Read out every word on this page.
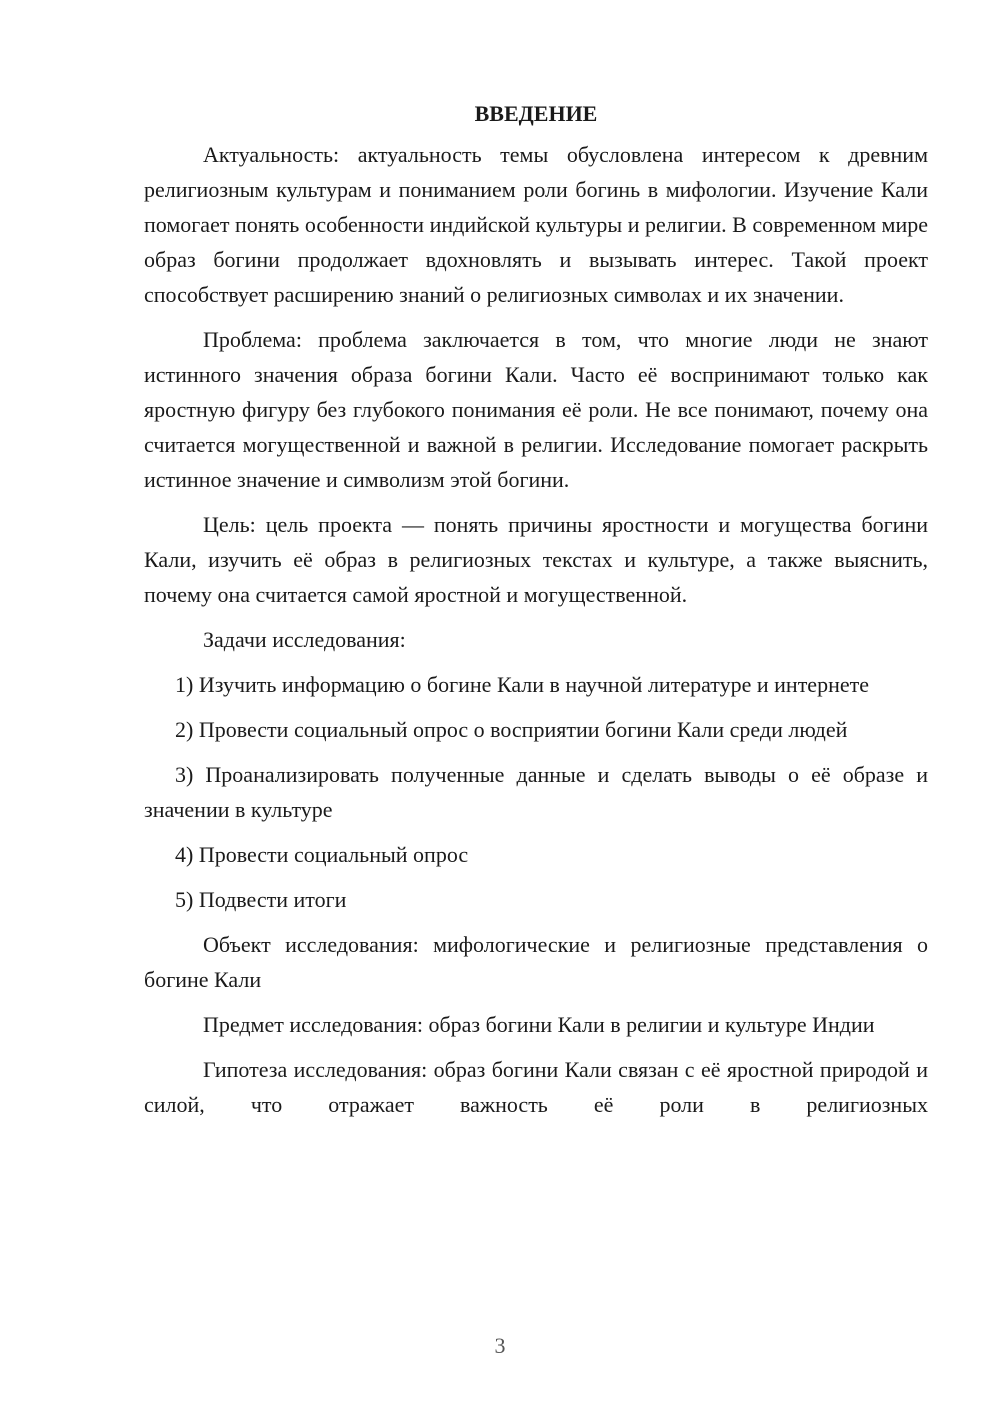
ВВЕДЕНИЕ

Актуальность: актуальность темы обусловлена интересом к древним религиозным культурам и пониманием роли богинь в мифологии. Изучение Кали помогает понять особенности индийской культуры и религии. В современном мире образ богини продолжает вдохновлять и вызывать интерес. Такой проект способствует расширению знаний о религиозных символах и их значении.

Проблема: проблема заключается в том, что многие люди не знают истинного значения образа богини Кали. Часто её воспринимают только как яростную фигуру без глубокого понимания её роли. Не все понимают, почему она считается могущественной и важной в религии. Исследование помогает раскрыть истинное значение и символизм этой богини.

Цель: цель проекта — понять причины яростности и могущества богини Кали, изучить её образ в религиозных текстах и культуре, а также выяснить, почему она считается самой яростной и могущественной.

Задачи исследования:

1) Изучить информацию о богине Кали в научной литературе и интернете

2) Провести социальный опрос о восприятии богини Кали среди людей

3) Проанализировать полученные данные и сделать выводы о её образе и значении в культуре

4) Провести социальный опрос

5) Подвести итоги

Объект исследования: мифологические и религиозные представления о богине Кали

Предмет исследования: образ богини Кали в религии и культуре Индии

Гипотеза исследования: образ богини Кали связан с её яростной природой и силой, что отражает важность её роли в религиозных

3
